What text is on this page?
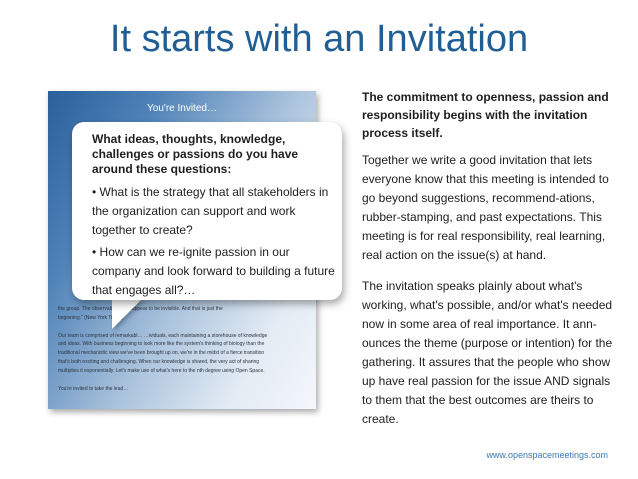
It starts with an Invitation
You're Invited…
the group. The observable n… …appear to be invisible. And that is just the
beginning." (New York Times)
Our team is comprised of remarkabl… …ividuals, each maintaining a storehouse of knowledge
and ideas. With business beginning to look more like the system's thinking of biology than the
traditional mechanistic view we've been brought up on, we're in the midst of a fierce transition
that's both exciting and challenging. When our knowledge is shared, the very act of sharing
multiplies it exponentially. Let's make use of what's here to the nth degree using Open Space.
You're invited to take the lead…
What ideas, thoughts, knowledge, challenges or passions do you have around these questions:

• What is the strategy that all stakeholders in the organization can support and work together to create?

• How can we re-ignite passion in our company and look forward to building a future that engages all?…

The commitment to openness, passion and responsibility begins with the invitation process itself.

Together we write a good invitation that lets everyone know that this meeting is intended to go beyond suggestions, recommend-ations, rubber-stamping, and past expectations. This meeting is for real responsibility, real learning, real action on the issue(s) at hand.

The invitation speaks plainly about what's working, what's possible, and/or what's needed now in some area of real importance. It ann-ounces the theme (purpose or intention) for the gathering. It assures that the people who show up have real passion for the issue AND signals to them that the best outcomes are theirs to create.

www.openspacemeetings.com
